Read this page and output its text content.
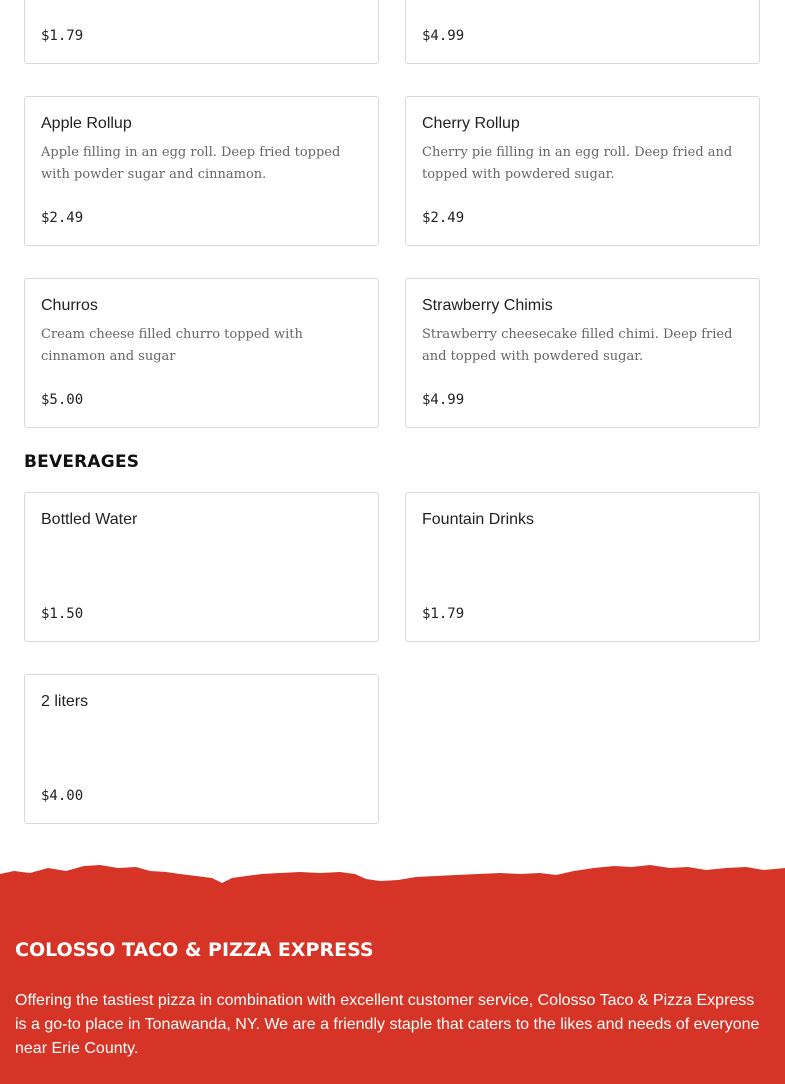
$1.79	$4.99
Apple Rollup
Apple filling in an egg roll. Deep fried topped with powder sugar and cinnamon.
$2.49
Cherry Rollup
Cherry pie filling in an egg roll. Deep fried and topped with powdered sugar.
$2.49
Churros
Cream cheese filled churro topped with cinnamon and sugar
$5.00
Strawberry Chimis
Strawberry cheesecake filled chimi. Deep fried and topped with powdered sugar.
$4.99
BEVERAGES
Bottled Water
$1.50
Fountain Drinks
$1.79
2 liters
$4.00
COLOSSO TACO & PIZZA EXPRESS

Offering the tastiest pizza in combination with excellent customer service, Colosso Taco & Pizza Express is a go-to place in Tonawanda, NY. We are a friendly staple that caters to the likes and needs of everyone near Erie County.
